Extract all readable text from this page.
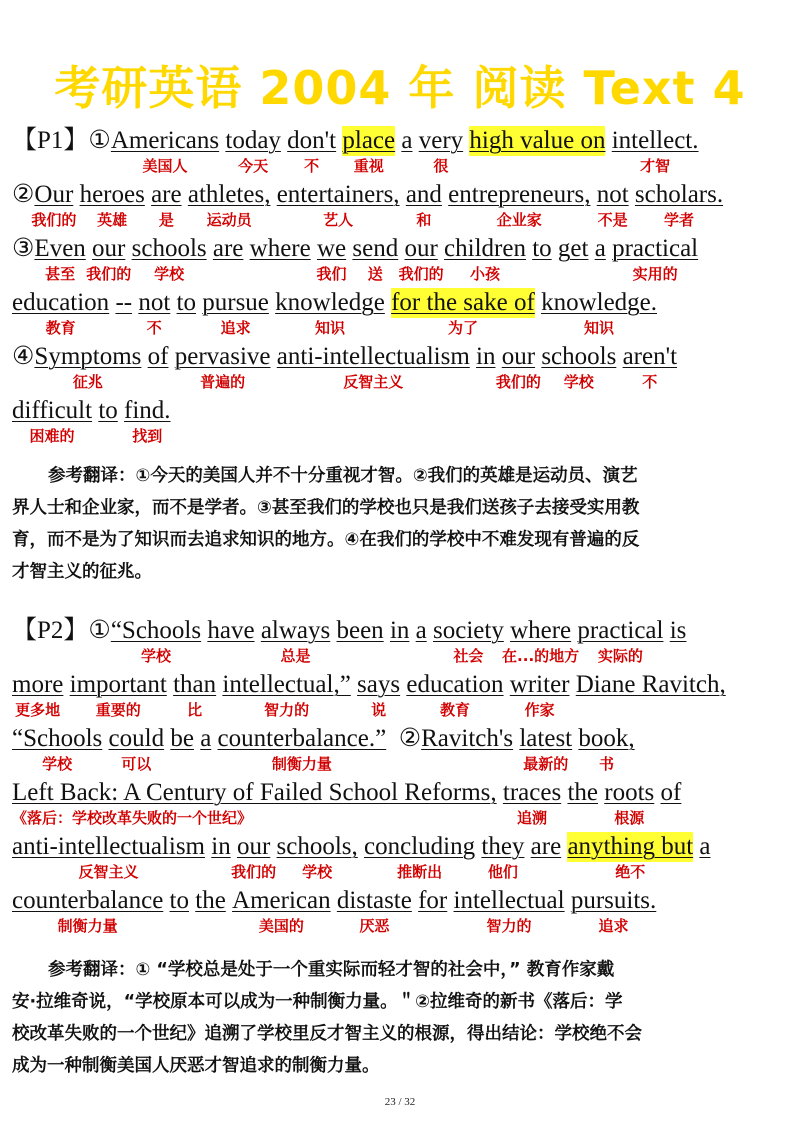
考研英语 2004 年 阅读 Text 4
【P1】①Americans
美国人
today
今天
don't
不
place
重视
a very
很
high value on intellect.
才智
②Our
我们的
heroes
英雄
are
是
athletes,
运动员
entertainers,
艺人
and
和
entrepreneurs,
企业家
not
不是
scholars.
学者
③Even
甚至
our
我们的
schools
学校
are where we
我们
send
送
our
我们的
children
小孩
to get a practical
实用的
education
教育
-- not
不
to pursue
追求
knowledge
知识
for the sake of
为了
knowledge.
知识
④Symptoms
征兆
of pervasive
普遍的
anti-intellectualism
反智主义
in our
我们的
schools
学校
aren't
不
difficult
困难的
to find.
找到
参考翻译：①今天的美国人并不十分重视才智。②我们的英雄是运动员、演艺
界人士和企业家，而不是学者。③甚至我们的学校也只是我们送孩子去接受实用教
育，而不是为了知识而去追求知识的地方。④在我们的学校中不难发现有普遍的反
才智主义的征兆。
【P2】①“Schools
学校
have always
总是
been in a society
社会
where
在...的地方
practical
实际的
is
more
更多地
important
重要的
than
比
intellectual,”
智力的
says
说
education
教育
writer
作家
Diane Ravitch,
“Schools
学校
could
可以
be a counterbalance.”
制衡力量
②Ravitch's latest
最新的
book,
书
Left Back: A Century of Failed School Reforms,
《落后：学校改革失败的一个世纪》
traces
追溯
the roots
根源
of
anti-intellectualism
反智主义
in our
我们的
schools,
学校
concluding
推断出
they
他们
are anything but
绝不
a
counterbalance
制衡力量
to the American
美国的
distaste
厌恶
for intellectual
智力的
pursuits.
追求
参考翻译：① “学校总是处于一个重实际而轻才智的社会中，” 教育作家戴
安·拉维奇说，“学校原本可以成为一种制衡力量。＂②拉维奇的新书《落后：学
校改革失败的一个世纪》追溯了学校里反才智主义的根源，得出结论：学校绝不会
成为一种制衡美国人厌恶才智追求的制衡力量。
23 / 32
